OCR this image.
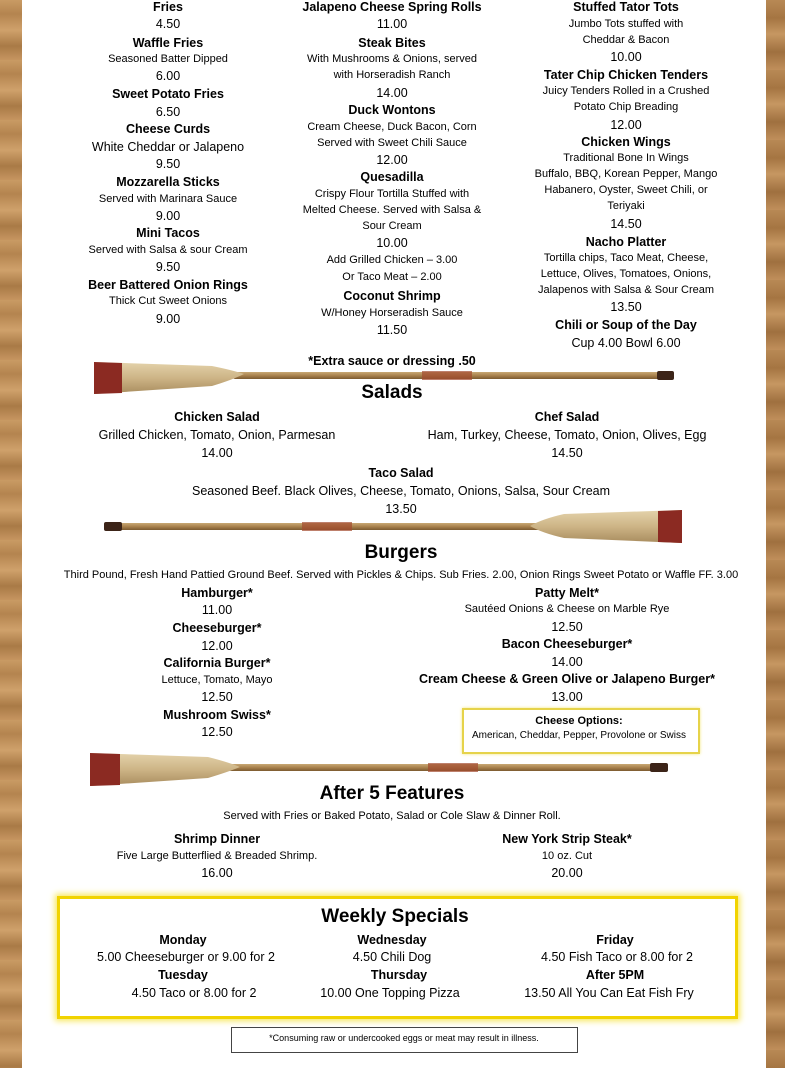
Fries
4.50
Waffle Fries
Seasoned Batter Dipped
6.00
Sweet Potato Fries
6.50
Cheese Curds
White Cheddar or Jalapeno
9.50
Mozzarella Sticks
Served with Marinara Sauce
9.00
Mini Tacos
Served with Salsa & sour Cream
9.50
Beer Battered Onion Rings
Thick Cut Sweet Onions
9.00
Jalapeno Cheese Spring Rolls
11.00
Steak Bites
With Mushrooms & Onions, served
with Horseradish Ranch
14.00
Duck Wontons
Cream Cheese, Duck Bacon, Corn
Served with Sweet Chili Sauce
12.00
Quesadilla
Crispy Flour Tortilla Stuffed with
Melted Cheese. Served with Salsa &
Sour Cream
10.00
Add Grilled Chicken – 3.00
Or Taco Meat – 2.00
Coconut Shrimp
W/Honey Horseradish Sauce
11.50
Stuffed Tator Tots
Jumbo Tots stuffed with
Cheddar & Bacon
10.00
Tater Chip Chicken Tenders
Juicy Tenders Rolled in a Crushed
Potato Chip Breading
12.00
Chicken Wings
Traditional Bone In Wings
Buffalo, BBQ, Korean Pepper, Mango
Habanero, Oyster, Sweet Chili, or
Teriyaki
14.50
Nacho Platter
Tortilla chips, Taco Meat, Cheese,
Lettuce, Olives, Tomatoes, Onions,
Jalapenos with Salsa & Sour Cream
13.50
Chili or Soup of the Day
Cup 4.00 Bowl 6.00
*Extra sauce or dressing .50
Salads
Chicken Salad
Grilled Chicken, Tomato, Onion, Parmesan
14.00
Chef Salad
Ham, Turkey, Cheese, Tomato, Onion, Olives, Egg
14.50
Taco Salad
Seasoned Beef. Black Olives, Cheese, Tomato, Onions, Salsa, Sour Cream
13.50
Burgers
Third Pound, Fresh Hand Pattied Ground Beef. Served with Pickles & Chips. Sub Fries. 2.00, Onion Rings Sweet Potato or Waffle FF. 3.00
Hamburger*
11.00
Cheeseburger*
12.00
California Burger*
Lettuce, Tomato, Mayo
12.50
Mushroom Swiss*
12.50
Patty Melt*
Sautéed Onions & Cheese on Marble Rye
12.50
Bacon Cheeseburger*
14.00
Cream Cheese & Green Olive or Jalapeno Burger*
13.00
Cheese Options:
American, Cheddar, Pepper, Provolone or Swiss
After 5 Features
Served with Fries or Baked Potato, Salad or Cole Slaw & Dinner Roll.
Shrimp Dinner
Five Large Butterflied & Breaded Shrimp.
16.00
New York Strip Steak*
10 oz. Cut
20.00
Weekly Specials
Monday
5.00 Cheeseburger or 9.00 for 2
Tuesday
4.50 Taco or 8.00 for 2
Wednesday
4.50 Chili Dog
Thursday
10.00 One Topping Pizza
Friday
4.50 Fish Taco or 8.00 for 2
After 5PM
13.50 All You Can Eat Fish Fry
*Consuming raw or undercooked eggs or meat may result in illness.
